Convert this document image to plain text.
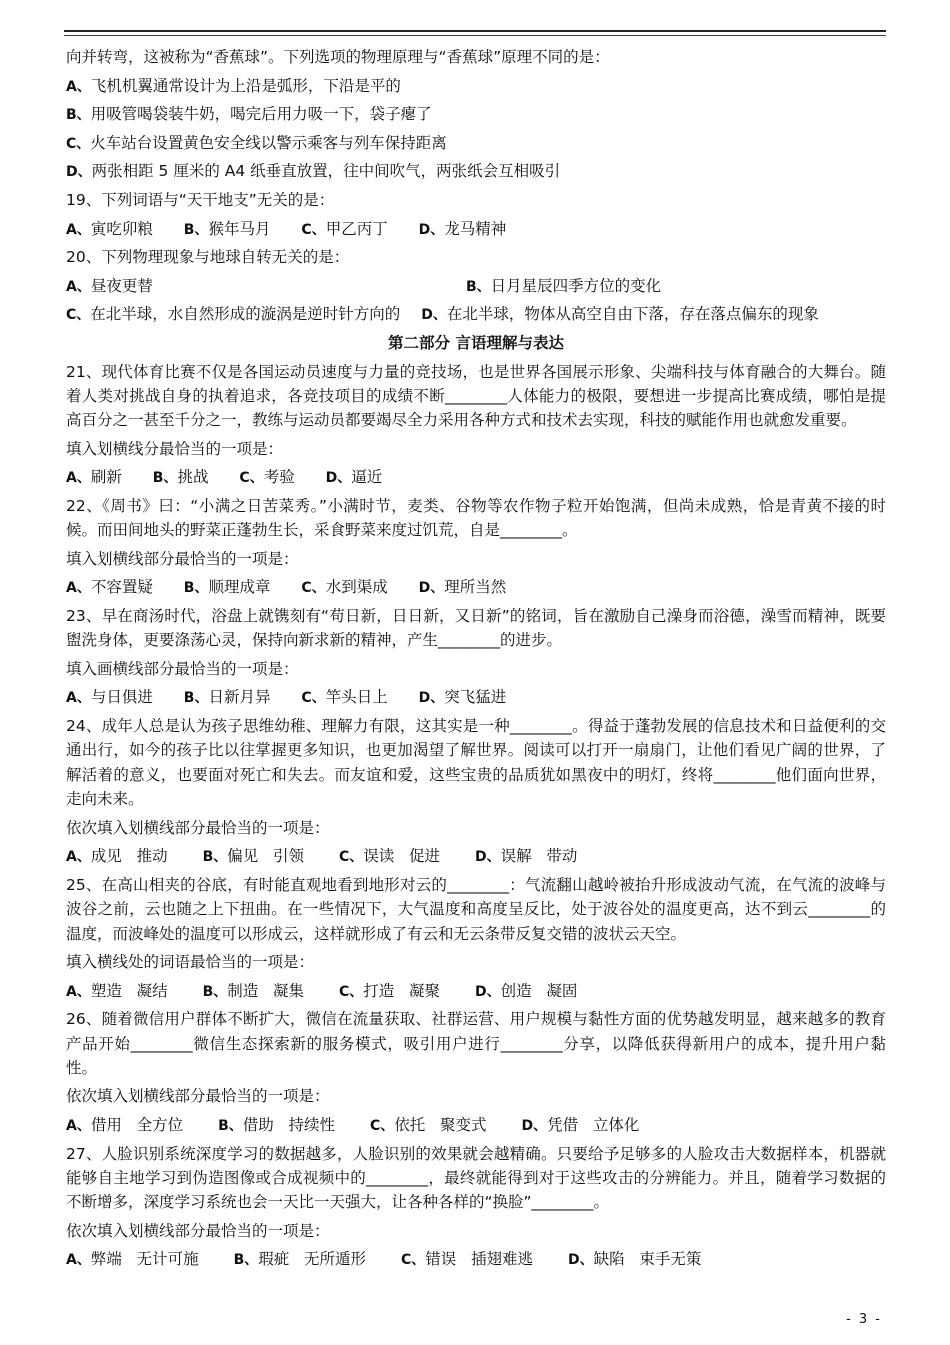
向并转弯，这被称为“香蕉球”。下列选项的物理原理与“香蕉球”原理不同的是：
A、飞机机翼通常设计为上沿是弧形，下沿是平的
B、用吸管喝袋装牛奶，喝完后用力吸一下，袋子瘪了
C、火车站台设置黄色安全线以警示乘客与列车保持距离
D、两张相距 5 厘米的 A4 纸垂直放置，往中间吹气，两张纸会互相吸引
19、下列词语与“天干地支”无关的是：
A、寅吃卯粮 B、猴年马月 C、甲乙丙丁 D、龙马精神
20、下列物理现象与地球自转无关的是：
A、昼夜更替	B、日月星辰四季方位的变化
C、在北半球，水自然形成的漩涡是逆时针方向的 D、在北半球，物体从高空自由下落，存在落点偏东的现象
第二部分 言语理解与表达
21、现代体育比赛不仅是各国运动员速度与力量的竞技场，也是世界各国展示形象、尖端科技与体育融合的大舞台。随着人类对挑战自身的执着追求，各竞技项目的成绩不断________人体能力的极限，要想进一步提高比赛成绩，哪怕是提高百分之一甚至千分之一，教练与运动员都要竭尽全力采用各种方式和技术去实现，科技的赋能作用也就愈发重要。
填入划横线分最恰当的一项是：
A、刷新 B、挑战 C、考验 D、逼近
22、《周书》曰：“小满之日苦菜秀。”小满时节，麦类、谷物等农作物子粒开始饱满，但尚未成熟，恰是青黄不接的时候。而田间地头的野菜正蓬勃生长，采食野菜来度过饥荒，自是________。
填入划横线部分最恰当的一项是：
A、不容置疑 B、顺理成章 C、水到渠成 D、理所当然
23、早在商汤时代，浴盘上就镌刻有“苟日新，日日新，又日新”的铭词，旨在激励自己澡身而浴德，澡雪而精神，既要盥洗身体，更要涤荡心灵，保持向新求新的精神，产生________的进步。
填入画横线部分最恰当的一项是：
A、与日俱进 B、日新月异 C、竿头日上 D、突飞猛进
24、成年人总是认为孩子思维幼稚、理解力有限，这其实是一种________。得益于蓬勃发展的信息技术和日益便利的交通出行，如今的孩子比以往掌握更多知识，也更加渴望了解世界。阅读可以打开一扇扇门，让他们看见广阔的世界，了解活着的意义，也要面对死亡和失去。而友谊和爱，这些宝贵的品质犹如黑夜中的明灯，终将________他们面向世界，走向未来。
依次填入划横线部分最恰当的一项是：
A、成见   推动 B、偏见   引领 C、误读   促进 D、误解   带动
25、在高山相夹的谷底，有时能直观地看到地形对云的________：气流翻山越岭被抬升形成波动气流，在气流的波峰与波谷之前，云也随之上下扭曲。在一些情况下，大气温度和高度呈反比，处于波谷处的温度更高，达不到云________的温度，而波峰处的温度可以形成云，这样就形成了有云和无云条带反复交错的波状云天空。
填入横线处的词语最恰当的一项是：
A、塑造   凝结 B、制造   凝集 C、打造   凝聚 D、创造   凝固
26、随着微信用户群体不断扩大，微信在流量获取、社群运营、用户规模与黏性方面的优势越发明显，越来越多的教育产品开始________微信生态探索新的服务模式，吸引用户进行________分享，以降低获得新用户的成本，提升用户黏性。
依次填入划横线部分最恰当的一项是：
A、借用   全方位 B、借助   持续性 C、依托   聚变式 D、凭借   立体化
27、人脸识别系统深度学习的数据越多，人脸识别的效果就会越精确。只要给予足够多的人脸攻击大数据样本，机器就能够自主地学习到伪造图像或合成视频中的________，最终就能得到对于这些攻击的分辨能力。并且，随着学习数据的不断增多，深度学习系统也会一天比一天强大，让各种各样的“换脸”________。
依次填入划横线部分最恰当的一项是：
A、弊端   无计可施 B、瑕疵   无所遁形 C、错误   插翅难逃 D、缺陷   束手无策
- 3 -
